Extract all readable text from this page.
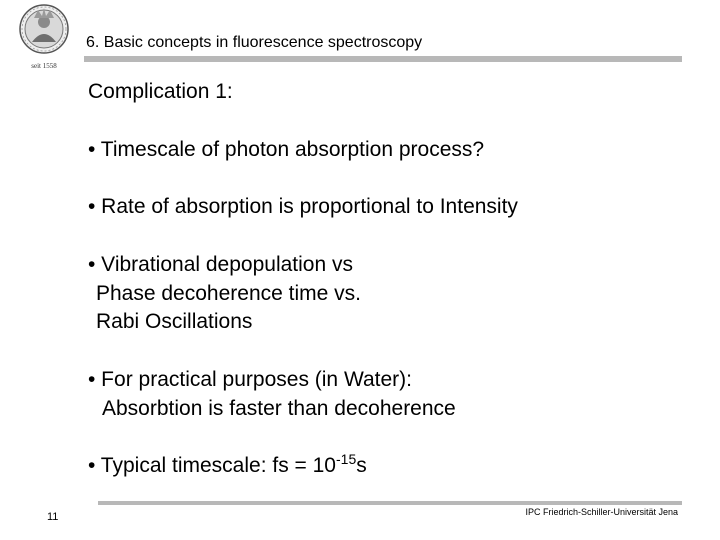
seit 1558
6. Basic concepts in fluorescence spectroscopy
Complication 1:
• Timescale of photon absorption process?
• Rate of absorption is proportional to Intensity
• Vibrational depopulation vs
Phase decoherence time vs.
Rabi Oscillations
• For practical purposes (in Water):
Absorbtion is faster than decoherence
• Typical timescale: fs = $10^{-15}s$
11	IPC Friedrich-Schiller-Universität Jena
